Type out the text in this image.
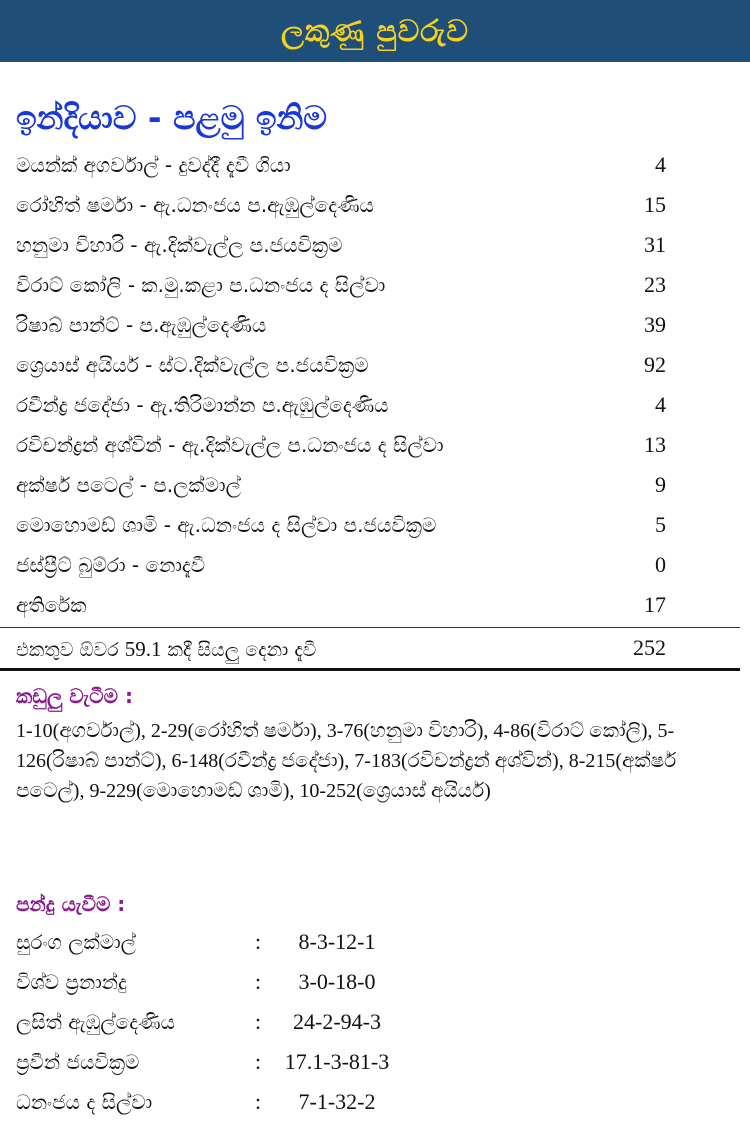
ලකුණු පුවරුව
ඉන්දියාව - පළමු ඉනිම
මයන්ක් අගර්වාල් - දුවද්දී දැවී ගියා	4
රෝහිත් ෂර්මා - ඇ.ධනංජය ප.ඇඹුල්දෙණිය	15
හනුමා විහාරි - ඇ.දික්වැල්ල ප.ජයවික්‍රම	31
විරාට් කෝලි - ක.මු.කළා ප.ධනංජය ද සිල්වා	23
රිෂාබ් පාන්ට් - ප.ඇඹුල්දෙණිය	39
ශ්‍රෙයාස් අයියර් - ස්ට.දික්වැල්ල ප.ජයවික්‍රම	92
රවීන්ද්‍ර ජදේජා - ඇ.තිරිමාන්න ප.ඇඹුල්දෙණිය	4
රවිචන්ද්‍රන් අශ්වින් - ඇ.දික්වැල්ල ප.ධනංජය ද සිල්වා	13
අක්ෂර් පටෙල් - ප.ලක්මාල්	9
මොහොමඩ් ශාමි - ඇ.ධනංජය ද සිල්වා ප.ජයවික්‍රම	5
ජස්ප්‍රීට් බුම්රා - නොදැවී	0
අතිරේක	17
එකතුව ඕවර 59.1 කදී සියලු දෙනා දැවී	252
කඩුලු වැටීම :
1-10(අගර්වාල්), 2-29(රෝහිත් ෂර්මා), 3-76(හනුමා විහාරි), 4-86(විරාට් කෝලි), 5-126(රිෂාබ් පාන්ට්), 6-148(රවීන්ද්‍ර ජදේජා), 7-183(රවිචන්ද්‍රන් අශ්වින්), 8-215(අක්ෂර් පටෙල්), 9-229(මොහොමඩ් ශාමි), 10-252(ශ්‍රෙයාස් අයියර්)
පන්දු යැවීම :
සුරංග ලක්මාල්	:	8-3-12-1
විශ්ව ප්‍රනාන්දු	:	3-0-18-0
ලසිත් ඇඹුල්දෙණිය	:	24-2-94-3
ප්‍රවීන් ජයවික්‍රම	:	17.1-3-81-3
ධනංජය ද සිල්වා	:	7-1-32-2
